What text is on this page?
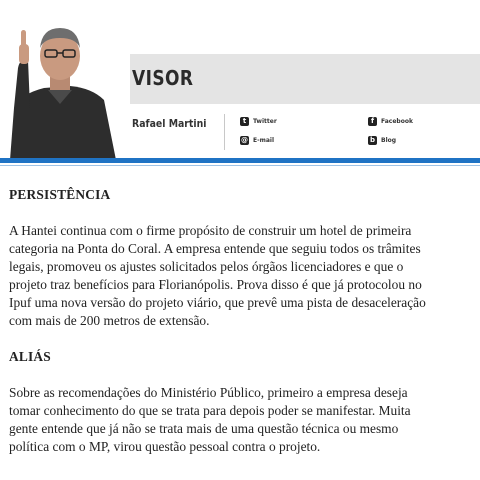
VISOR
Rafael Martini	t	Twitter
@ E-mail
f	Facebook
b	Blog
PERSISTÊNCIA
A Hantei continua com o firme propósito de construir um hotel de primeira
categoria na Ponta do Coral. A empresa entende que seguiu todos os trâmites
legais, promoveu os ajustes solicitados pelos órgãos licenciadores e que o
projeto traz benefícios para Florianópolis. Prova disso é que já protocolou no
Ipuf uma nova versão do projeto viário, que prevê uma pista de desaceleração
com mais de 200 metros de extensão.
ALIÁS
Sobre as recomendações do Ministério Público, primeiro a empresa deseja
tomar conhecimento do que se trata para depois poder se manifestar. Muita
gente entende que já não se trata mais de uma questão técnica ou mesmo
política com o MP, virou questão pessoal contra o projeto.
